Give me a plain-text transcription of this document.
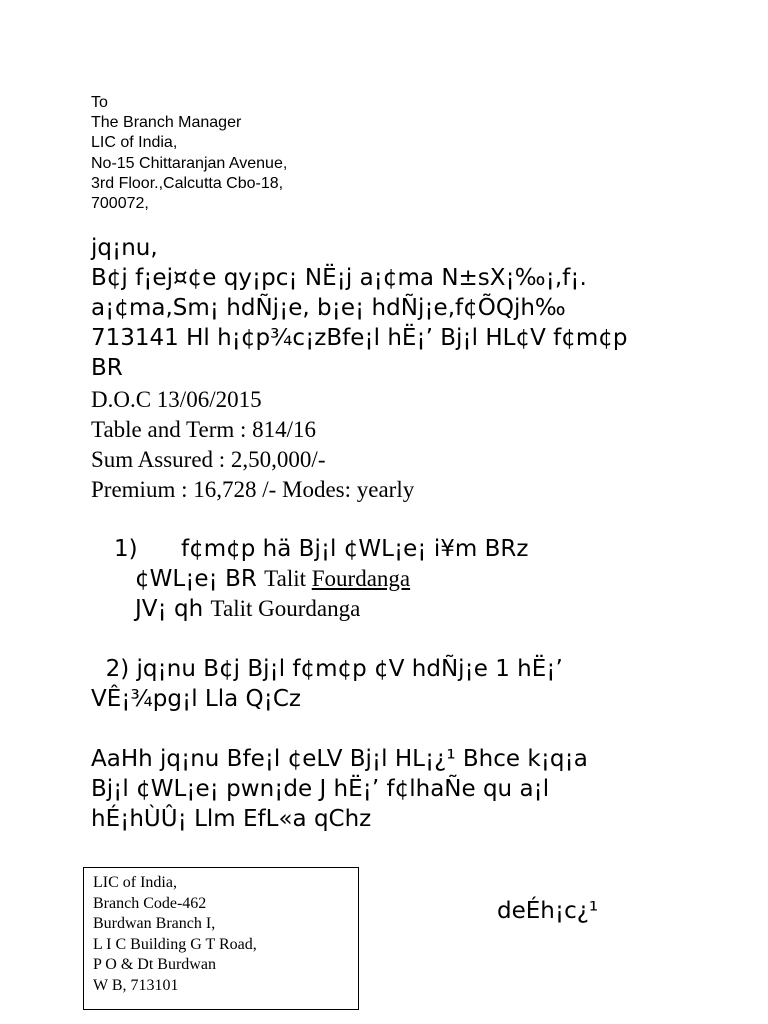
To
The Branch Manager
LIC of India,
No-15 Chittaranjan Avenue,
3rd Floor.,Calcutta Cbo-18,
700072,
jq¡nu,
B¢j f¡ej¤¢e qy¡pc¡ NË¡j a¡¢ma N±sX¡‰¡,f¡.
a¡¢ma,Sm¡ hdÑj¡e, b¡e¡ hdÑj¡e,f¢ÕQjh‰
713141 Hl h¡¢p¾c¡zBfe¡l hË¡’ Bj¡l HL¢V f¢m¢p
BR
D.O.C 13/06/2015
Table and Term : 814/16
Sum Assured : 2,50,000/-
Premium : 16,728 /- Modes: yearly
1) f¢m¢p hä Bj¡l ¢WL¡e¡ i¥m BRz
¢WL¡e¡ BR Talit Fourdanga
JV¡ qh Talit Gourdanga
2) jq¡nu B¢j Bj¡l f¢m¢p ¢V hdÑj¡e 1 hË¡’
VÊ¡¾pg¡l Lla Q¡Cz
AaHh jq¡nu Bfe¡l ¢eLV Bj¡l HL¡¿¹ Bhce k¡q¡a
Bj¡l ¢WL¡e¡ pwn¡de J hË¡’ f¢lhaÑe qu a¡l
hÉ¡hÙÛ¡ Llm EfL«a qChz
LIC of India,
Branch Code-462
Burdwan Branch I,
L I C Building G T Road,
P O & Dt Burdwan
W B, 713101
deÉh¡c¿¹
